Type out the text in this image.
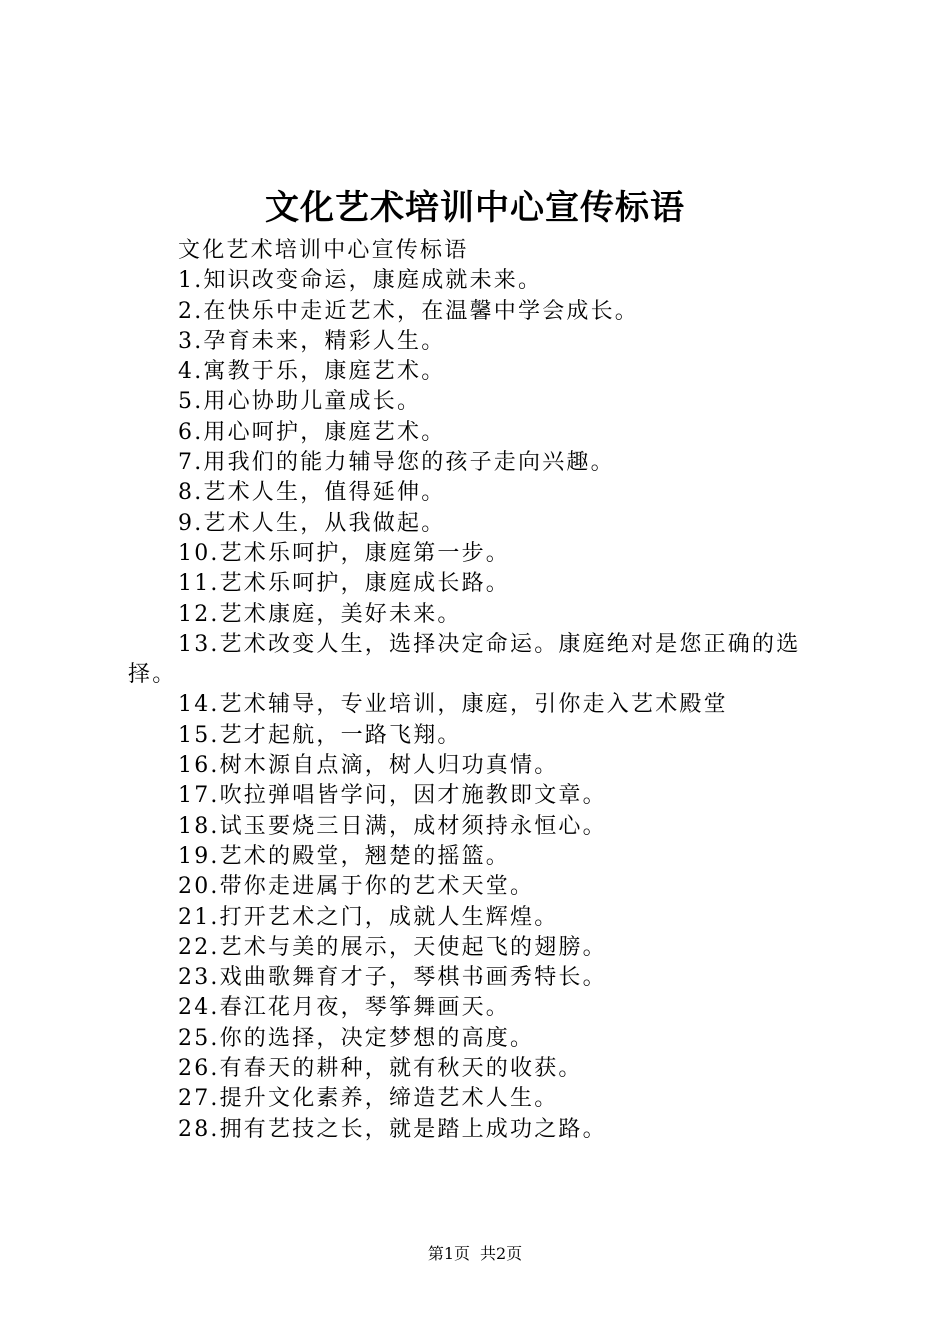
文化艺术培训中心宣传标语

文化艺术培训中心宣传标语

1.知识改变命运，康庭成就未来。

2.在快乐中走近艺术，在温馨中学会成长。

3.孕育未来，精彩人生。

4.寓教于乐，康庭艺术。

5.用心协助儿童成长。

6.用心呵护，康庭艺术。

7.用我们的能力辅导您的孩子走向兴趣。

8.艺术人生，值得延伸。

9.艺术人生，从我做起。

10.艺术乐呵护，康庭第一步。

11.艺术乐呵护，康庭成长路。

12.艺术康庭，美好未来。

13.艺术改变人生，选择决定命运。康庭绝对是您正确的选择。

14.艺术辅导，专业培训，康庭，引你走入艺术殿堂

15.艺才起航，一路飞翔。

16.树木源自点滴，树人归功真情。

17.吹拉弹唱皆学问，因才施教即文章。

18.试玉要烧三日满，成材须持永恒心。

19.艺术的殿堂，翘楚的摇篮。

20.带你走进属于你的艺术天堂。

21.打开艺术之门，成就人生辉煌。

22.艺术与美的展示，天使起飞的翅膀。

23.戏曲歌舞育才子，琴棋书画秀特长。

24.春江花月夜，琴筝舞画天。

25.你的选择，决定梦想的高度。

26.有春天的耕种，就有秋天的收获。

27.提升文化素养，缔造艺术人生。

28.拥有艺技之长，就是踏上成功之路。

第1页 共2页
